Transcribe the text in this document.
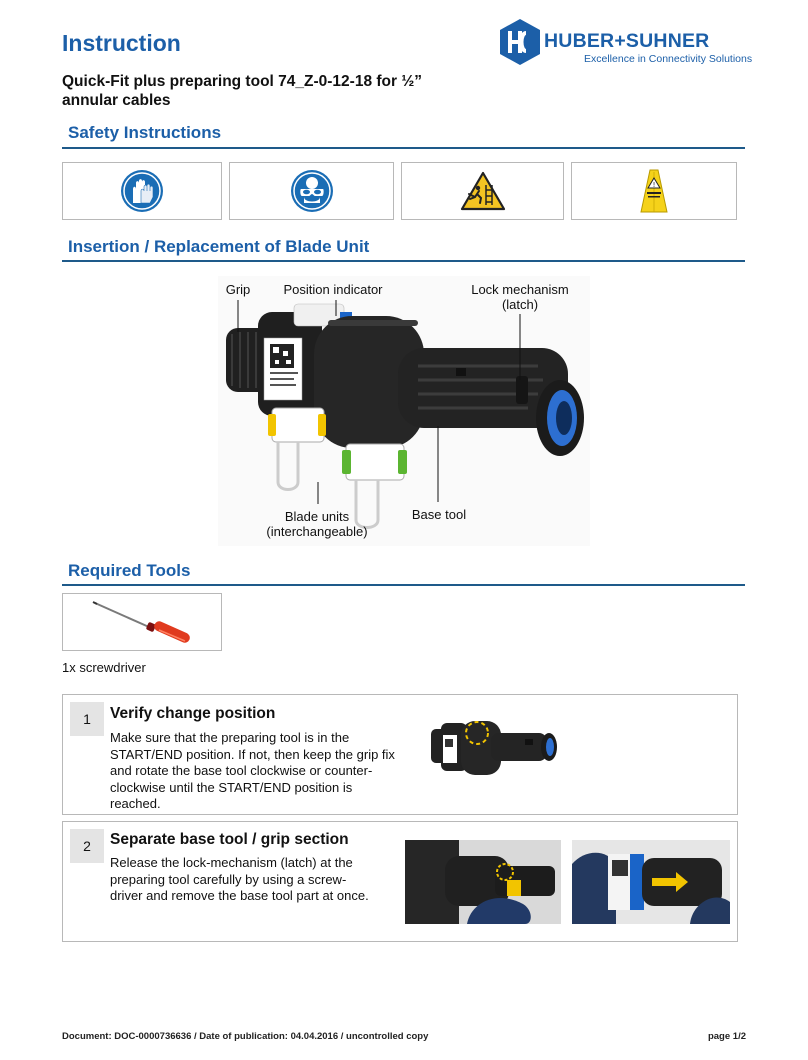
Instruction	HUBER+SUHNER
Excellence in Connectivity Solutions
Quick-Fit plus preparing tool 74_Z-0-12-18 for ½” annular cables
Safety Instructions
!
Insertion / Replacement of Blade Unit
Grip	Position indicator	Lock mechanism
(latch)
Blade units
(interchangeable)
Base tool
Required Tools
1x screwdriver
1	Verify change position
Make sure that the preparing tool is in the START/END position. If not, then keep the grip fix and rotate the base tool clockwise or counter-clockwise until the START/END position is reached.
2	Separate base tool / grip section
Release the lock-mechanism (latch) at the preparing tool carefully by using a screw-driver and remove the base tool part at once.
Document: DOC-0000736636 / Date of publication: 04.04.2016 / uncontrolled copy	page 1/2
